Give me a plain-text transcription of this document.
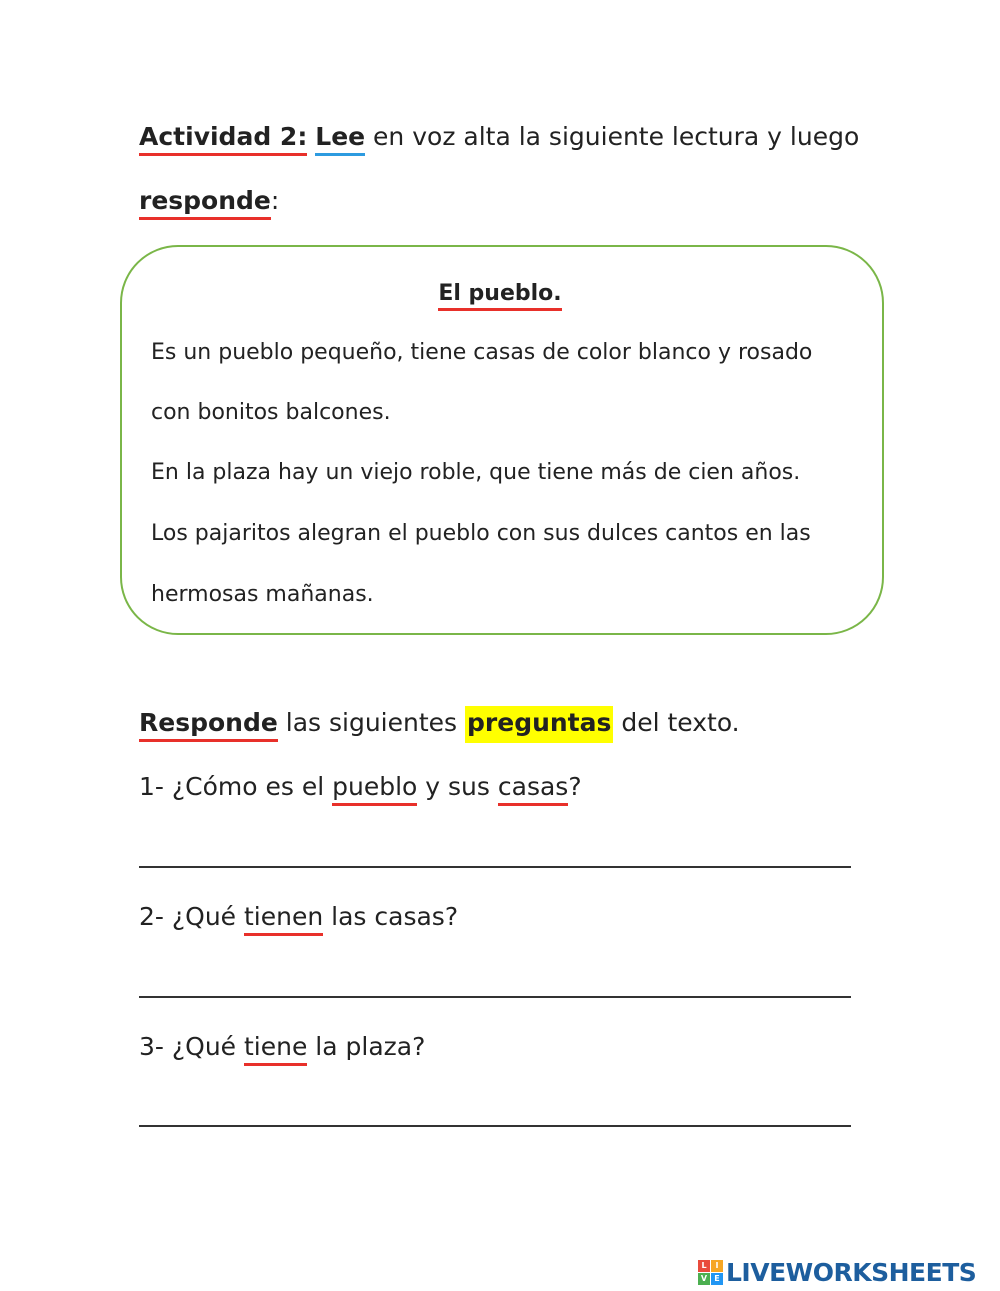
Actividad 2: Lee en voz alta la siguiente lectura y luego
responde:
El pueblo.
Es un pueblo pequeño, tiene casas de color blanco y rosado
con bonitos balcones.
En la plaza hay un viejo roble, que tiene más de cien años.
Los pajaritos alegran el pueblo con sus dulces cantos en las
hermosas mañanas.
Responde las siguientes preguntas del texto.
1- ¿Cómo es el pueblo y sus casas?
2- ¿Qué tienen las casas?
3- ¿Qué tiene la plaza?
L	I
V E LIVEWORKSHEETS
